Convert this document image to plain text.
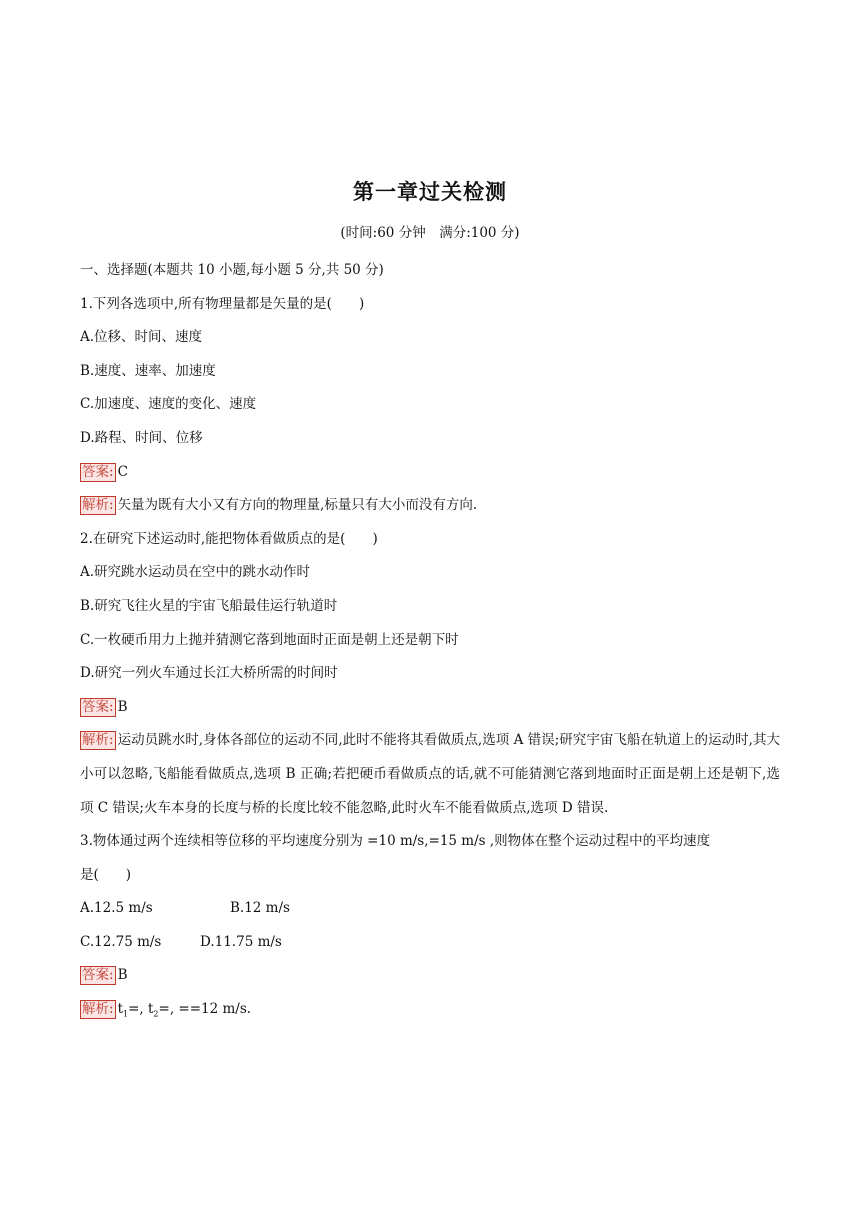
第一章过关检测
(时间:60 分钟　满分:100 分)
一、选择题(本题共 10 小题,每小题 5 分,共 50 分)
1.下列各选项中,所有物理量都是矢量的是(　　)
A.位移、时间、速度
B.速度、速率、加速度
C.加速度、速度的变化、速度
D.路程、时间、位移
答案: C
解析: 矢量为既有大小又有方向的物理量,标量只有大小而没有方向.
2.在研究下述运动时,能把物体看做质点的是(　　)
A.研究跳水运动员在空中的跳水动作时
B.研究飞往火星的宇宙飞船最佳运行轨道时
C.一枚硬币用力上抛并猜测它落到地面时正面是朝上还是朝下时
D.研究一列火车通过长江大桥所需的时间时
答案: B
解析: 运动员跳水时,身体各部位的运动不同,此时不能将其看做质点,选项 A 错误;研究宇宙飞船在轨道上的运动时,其大小可以忽略,飞船能看做质点,选项 B 正确;若把硬币看做质点的话,就不可能猜测它落到地面时正面是朝上还是朝下,选项 C 错误;火车本身的长度与桥的长度比较不能忽略,此时火车不能看做质点,选项 D 错误.
3.物体通过两个连续相等位移的平均速度分别为 =10 m/s,=15 m/s ,则物体在整个运动过程中的平均速度
是(　　)
A.12.5 m/s	B.12 m/s
C.12.75 m/s	D.11.75 m/s
答案: B
解析: $t_1=$, $t_2=$, ==12 m/s.
